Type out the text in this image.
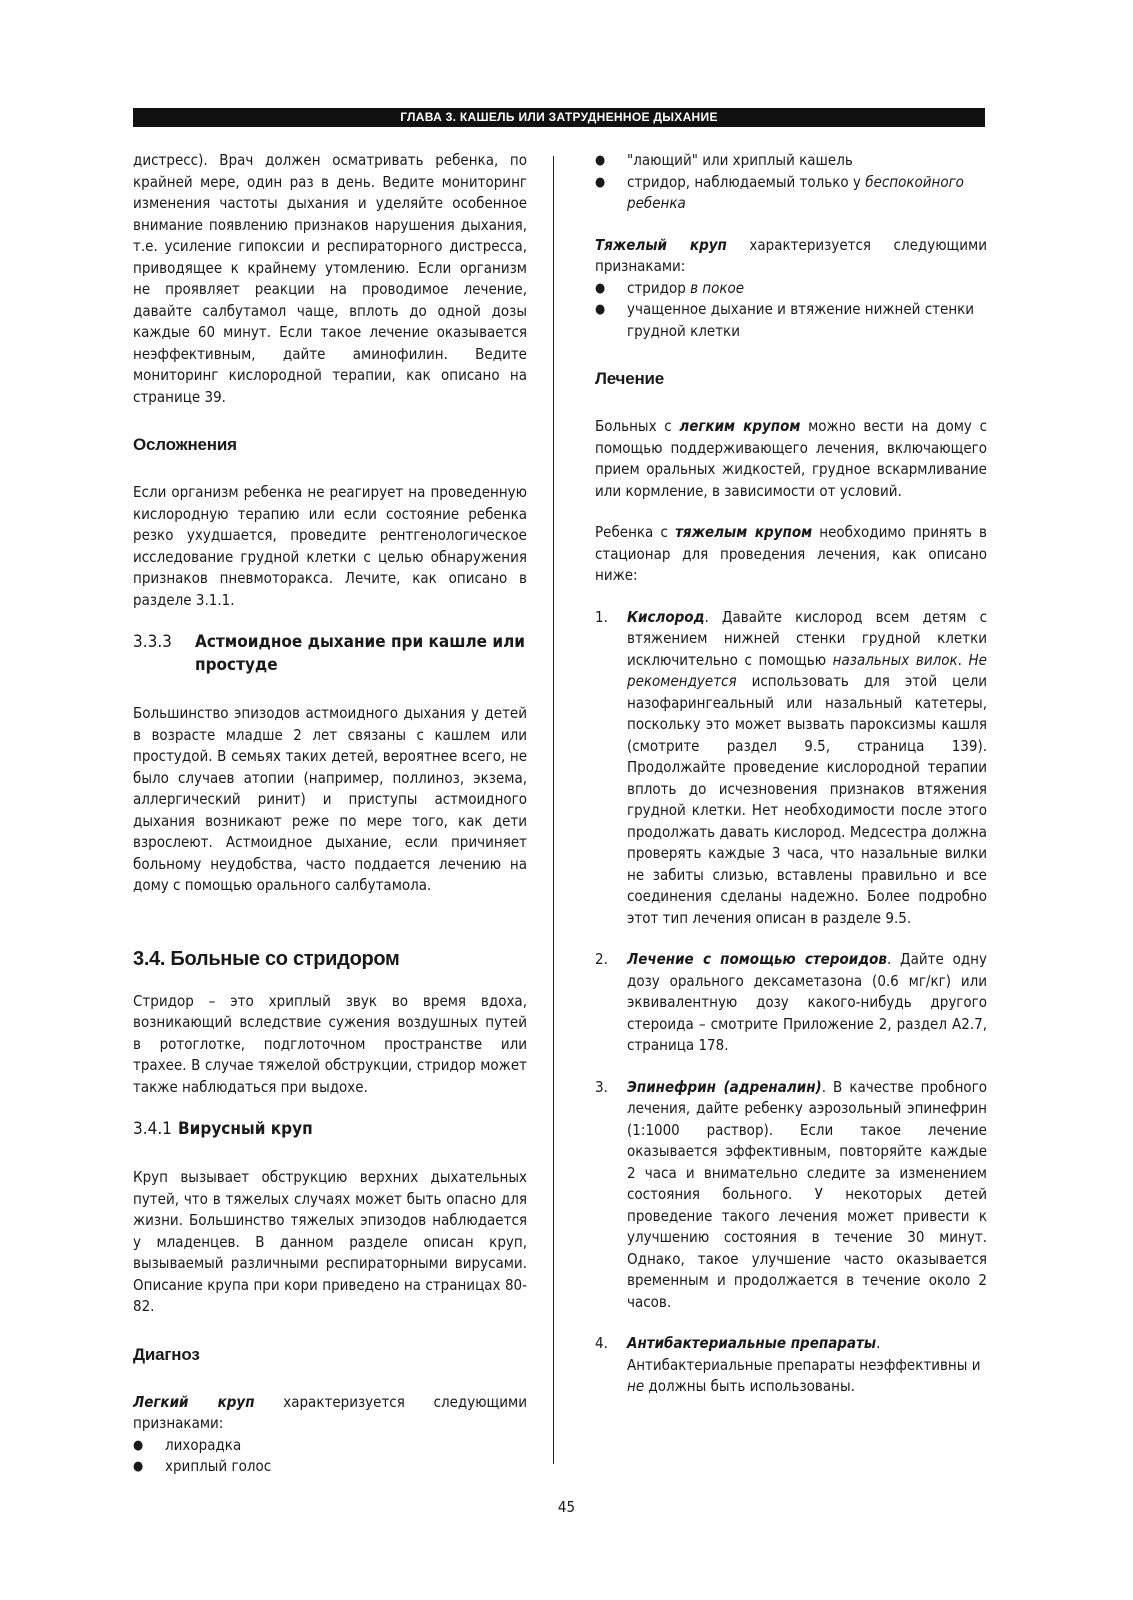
ГЛАВА 3. КАШЕЛЬ ИЛИ ЗАТРУДНЕННОЕ ДЫХАНИЕ

дистресс). Врач должен осматривать ребенка, по крайней мере, один раз в день. Ведите мониторинг изменения частоты дыхания и уделяйте особенное внимание появлению признаков нарушения дыхания, т.е. усиление гипоксии и респираторного дистресса, приводящее к крайнему утомлению. Если организм не проявляет реакции на проводимое лечение, давайте салбутамол чаще, вплоть до одной дозы каждые 60 минут. Если такое лечение оказывается неэффективным, дайте аминофилин. Ведите мониторинг кислородной терапии, как описано на странице 39.

Осложнения

Если организм ребенка не реагирует на проведенную кислородную терапию или если состояние ребенка резко ухудшается, проведите рентгенологическое исследование грудной клетки с целью обнаружения признаков пневмоторакса. Лечите, как описано в разделе 3.1.1.

3.3.3	Астмоидное дыхание при кашле или простуде

Большинство эпизодов астмоидного дыхания у детей в возрасте младше 2 лет связаны с кашлем или простудой. В семьях таких детей, вероятнее всего, не было случаев атопии (например, поллиноз, экзема, аллергический ринит) и приступы астмоидного дыхания возникают реже по мере того, как дети взрослеют. Астмоидное дыхание, если причиняет больному неудобства, часто поддается лечению на дому с помощью орального салбутамола.

3.4. Больные со стридором

Стридор – это хриплый звук во время вдоха, возникающий вследствие сужения воздушных путей в ротоглотке, подглоточном пространстве или трахее. В случае тяжелой обструкции, стридор может также наблюдаться при выдохе.

3.4.1 Вирусный круп

Круп вызывает обструкцию верхних дыхательных путей, что в тяжелых случаях может быть опасно для жизни. Большинство тяжелых эпизодов наблюдается у младенцев. В данном разделе описан круп, вызываемый различными респираторными вирусами. Описание крупа при кори приведено на страницах 80-82.

Диагноз

Легкий круп характеризуется следующими признаками:

●	лихорадка
●	хриплый голос
●	"лающий" или хриплый кашель
●	стридор, наблюдаемый только у беспокойного ребенка

Тяжелый круп характеризуется следующими признаками:

●	стридор в покое
●	учащенное дыхание и втяжение нижней стенки грудной клетки
Лечение

Больных с легким крупом можно вести на дому с помощью поддерживающего лечения, включающего прием оральных жидкостей, грудное вскармливание или кормление, в зависимости от условий.

Ребенка с тяжелым крупом необходимо принять в стационар для проведения лечения, как описано ниже:

1.	Кислород. Давайте кислород всем детям с втяжением нижней стенки грудной клетки исключительно с помощью назальных вилок. Не рекомендуется использовать для этой цели назофарингеальный или назальный катетеры, поскольку это может вызвать пароксизмы кашля (смотрите раздел 9.5, страница 139). Продолжайте проведение кислородной терапии вплоть до исчезновения признаков втяжения грудной клетки. Нет необходимости после этого продолжать давать кислород. Медсестра должна проверять каждые 3 часа, что назальные вилки не забиты слизью, вставлены правильно и все соединения сделаны надежно. Более подробно этот тип лечения описан в разделе 9.5.

2.	Лечение с помощью стероидов. Дайте одну дозу орального дексаметазона (0.6 мг/кг) или эквивалентную дозу какого-нибудь другого стероида – смотрите Приложение 2, раздел А2.7, страница 178.

3.	Эпинефрин (адреналин). В качестве пробного лечения, дайте ребенку аэрозольный эпинефрин (1:1000 раствор). Если такое лечение оказывается эффективным, повторяйте каждые 2 часа и внимательно следите за изменением состояния больного. У некоторых детей проведение такого лечения может привести к улучшению состояния в течение 30 минут. Однако, такое улучшение часто оказывается временным и продолжается в течение около 2 часов.

4.	Антибактериальные препараты. Антибактериальные препараты неэффективны и не должны быть использованы.

45
